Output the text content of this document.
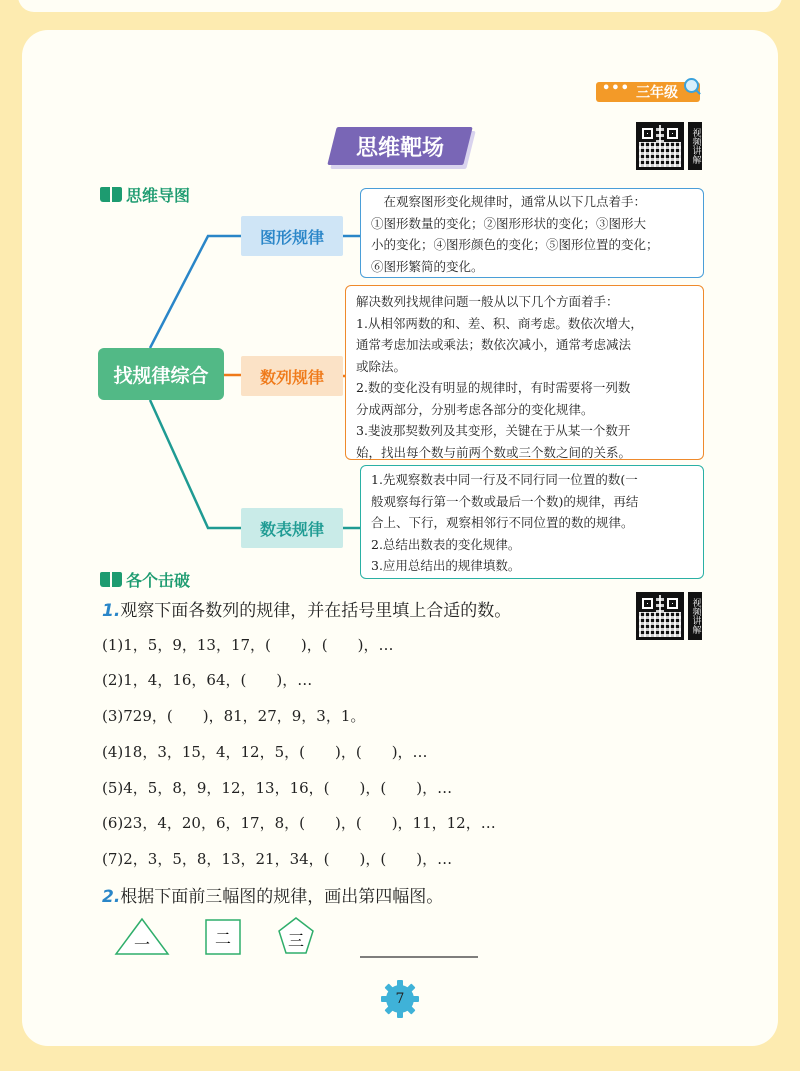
••• 三年级
视频讲解
思维靶场
思维导图
找规律综合
图形规律
数列规律
数表规律

在观察图形变化规律时，通常从以下几点着手：

①图形数量的变化；②图形形状的变化；③图形大

小的变化；④图形颜色的变化；⑤图形位置的变化；

⑥图形繁简的变化。

解决数列找规律问题一般从以下几个方面着手：

1.从相邻两数的和、差、积、商考虑。数依次增大，

通常考虑加法或乘法；数依次减小，通常考虑减法

或除法。

2.数的变化没有明显的规律时，有时需要将一列数

分成两部分，分别考虑各部分的变化规律。

3.斐波那契数列及其变形，关键在于从某一个数开

始，找出每个数与前两个数或三个数之间的关系。

1.先观察数表中同一行及不同行同一位置的数(一

般观察每行第一个数或最后一个数)的规律，再结

合上、下行，观察相邻行不同位置的数的规律。

2.总结出数表的变化规律。

3.应用总结出的规律填数。

各个击破
视频讲解
1.观察下面各数列的规律，并在括号里填上合适的数。
(1)1，5，9，13，17，(　　)，(　　)，…
(2)1，4，16，64，(　　)，…
(3)729，(　　)，81，27，9，3，1。
(4)18，3，15，4，12，5，(　　)，(　　)，…
(5)4，5，8，9，12，13，16，(　　)，(　　)，…
(6)23，4，20，6，17，8，(　　)，(　　)，11，12，…
(7)2，3，5，8，13，21，34，(　　)，(　　)，…
2.根据下面前三幅图的规律，画出第四幅图。
一	二	三
7
